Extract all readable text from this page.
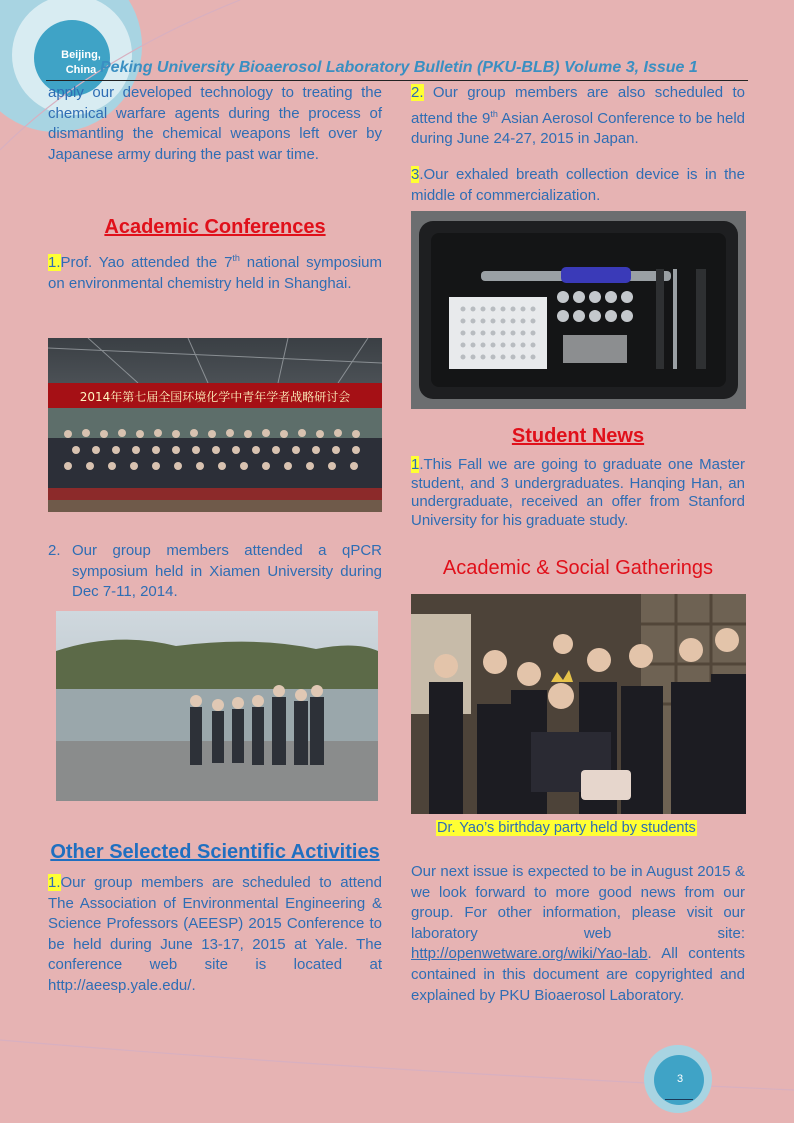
Beijing,
China Peking University Bioaerosol Laboratory Bulletin (PKU-BLB) Volume 3, Issue 1
apply our developed technology to treating the chemical warfare agents during the process of dismantling the chemical weapons left over by Japanese army during the past war time.
Academic Conferences
1.Prof. Yao attended the 7th national symposium on environmental chemistry held in Shanghai.
2014年第七届全国环境化学中青年学者战略研讨会
2. Our group members attended a qPCR symposium held in Xiamen University during Dec 7-11, 2014.
Other Selected Scientific Activities
1.Our group members are scheduled to attend The Association of Environmental Engineering & Science Professors (AEESP) 2015 Conference to be held during June 13-17, 2015 at Yale. The conference web site is located at http://aeesp.yale.edu/.
2. Our group members are also scheduled to attend the 9th Asian Aerosol Conference to be held during June 24-27, 2015 in Japan.
3.Our exhaled breath collection device is in the middle of commercialization.
Student News
1.This Fall we are going to graduate one Master student, and 3 undergraduates. Hanqing Han, an undergraduate, received an offer from Stanford University for his graduate study.
Academic & Social Gatherings
Dr. Yao’s birthday party held by students
Our next issue is expected to be in August 2015 & we look forward to more good news from our group. For other information, please visit our laboratory web site: http://openwetware.org/wiki/Yao-lab. All contents contained in this document are copyrighted and explained by PKU Bioaerosol Laboratory.
3
